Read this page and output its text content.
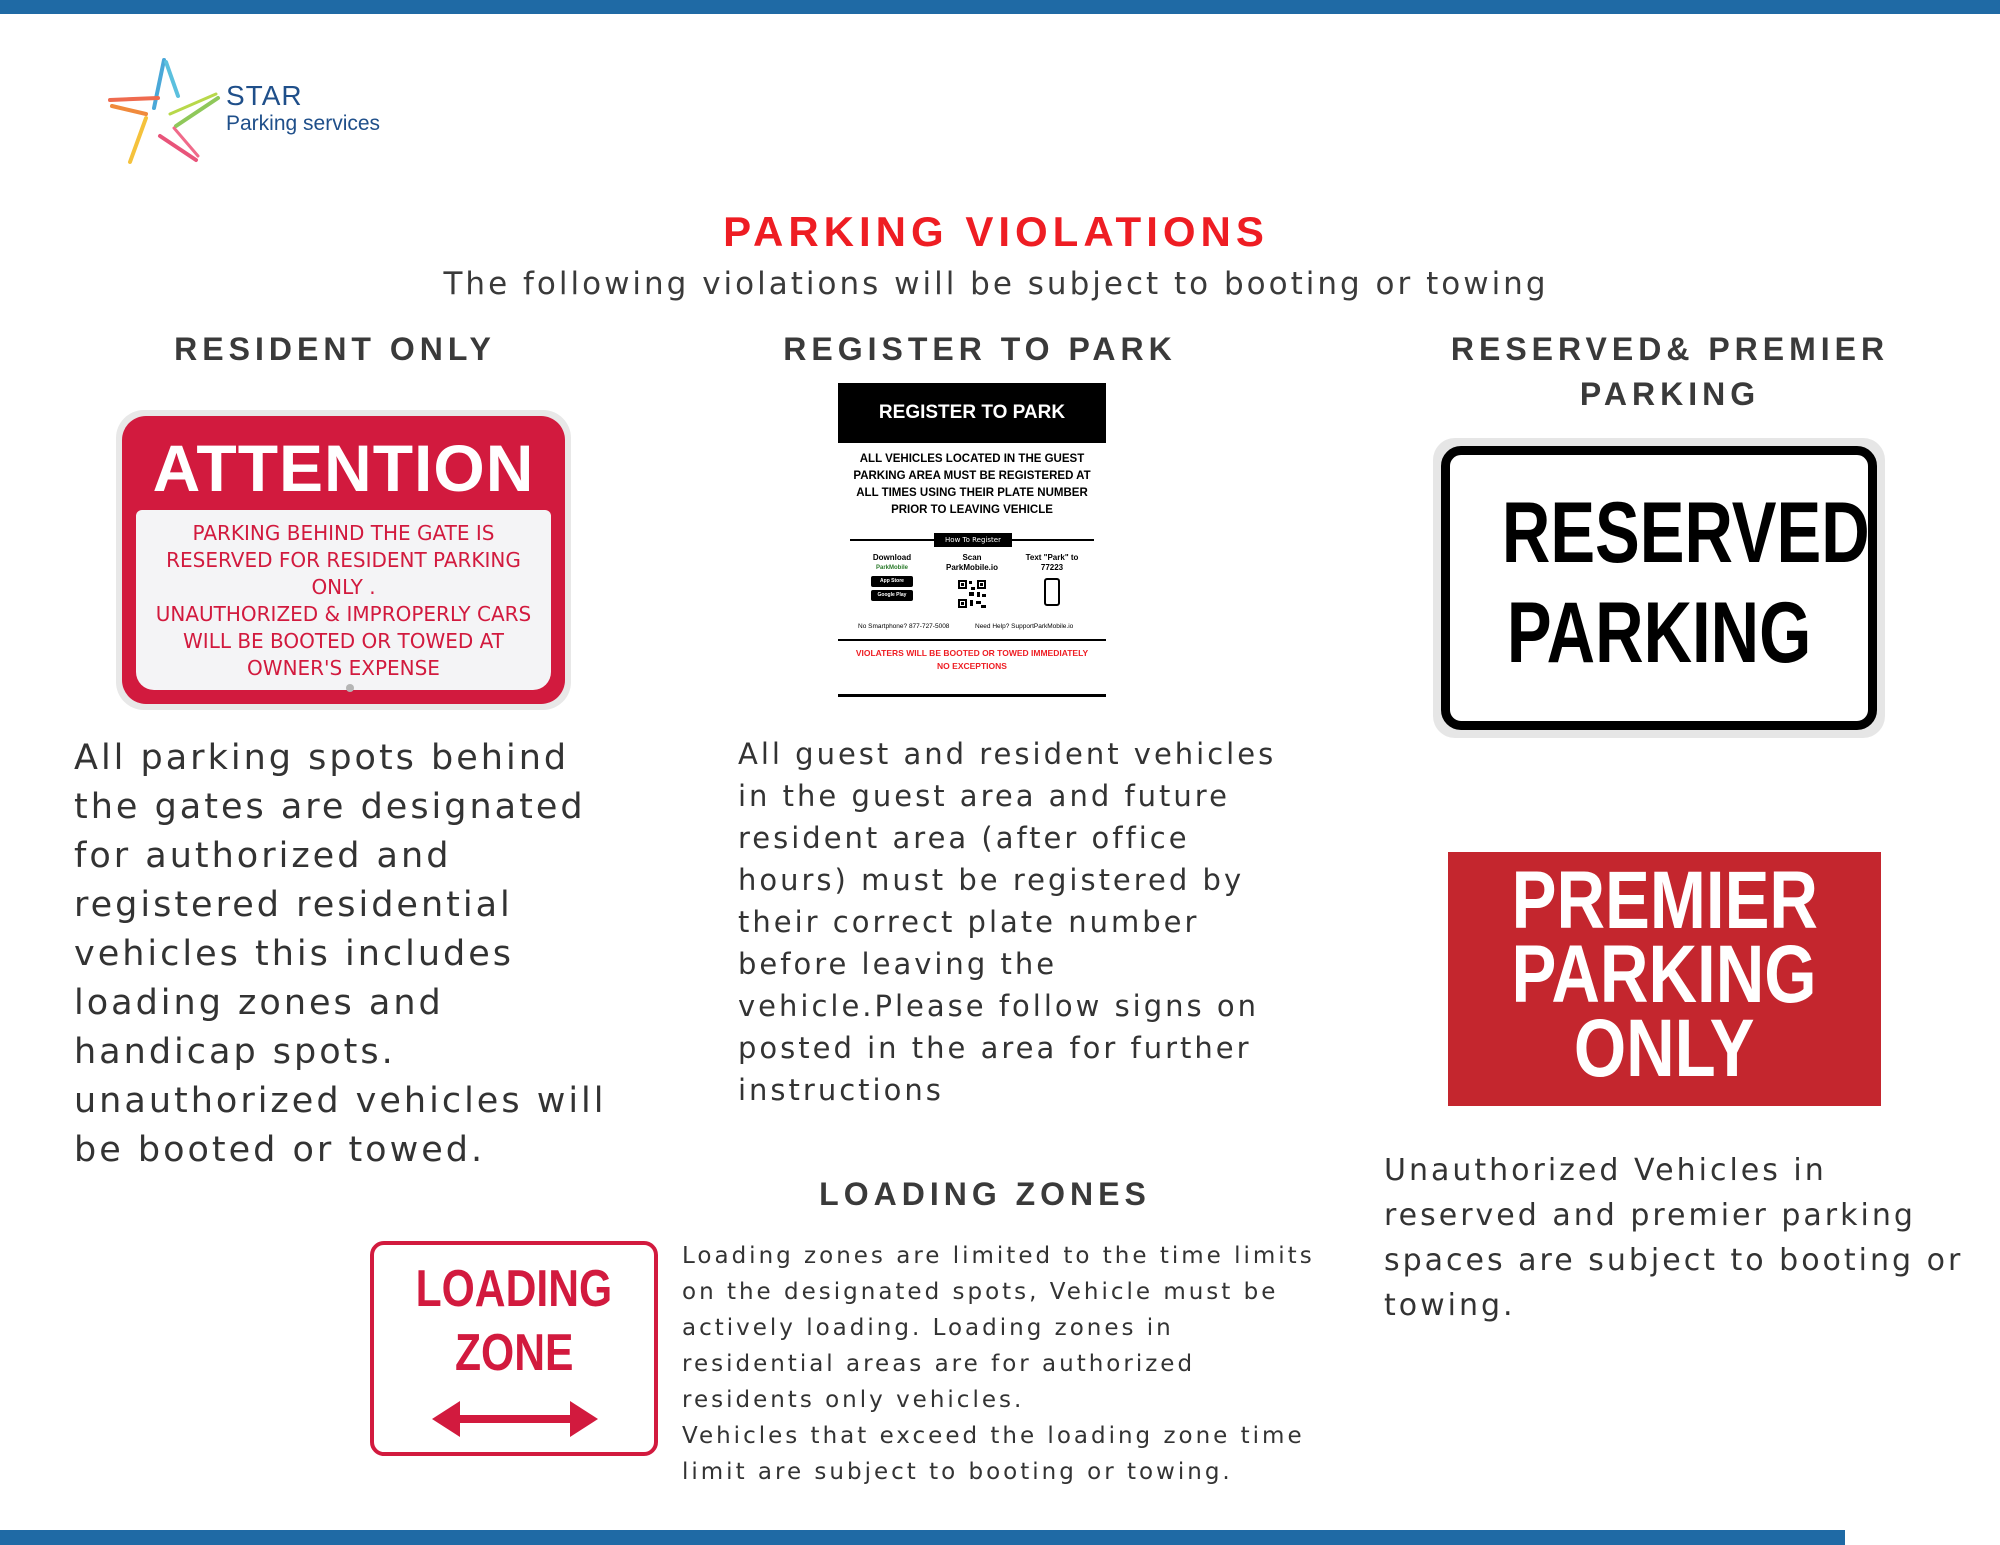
STAR
Parking services
PARKING VIOLATIONS
The following violations will be subject to booting or towing
RESIDENT ONLY	REGISTER TO PARK	RESERVED& PREMIER
PARKING
LOADING ZONES
ATTENTION
PARKING BEHIND THE GATE IS
RESERVED FOR RESIDENT PARKING
ONLY .
UNAUTHORIZED & IMPROPERLY CARS
WILL BE BOOTED OR TOWED AT
OWNER'S EXPENSE
REGISTER TO PARK
ALL VEHICLES LOCATED IN THE GUEST PARKING AREA MUST BE REGISTERED AT ALL TIMES USING THEIR PLATE NUMBER PRIOR TO LEAVING VEHICLE
How To Register
Download
ParkMobile
App Store
Google Play
Scan
ParkMobile.io
Text "Park" to
77223
No Smartphone? 877-727-5008	Need Help? SupportParkMobile.io
VIOLATERS WILL BE BOOTED OR TOWED IMMEDIATELY
NO EXCEPTIONS
RESERVED
PARKING
PREMIER
PARKING
ONLY
LOADING
ZONE
All parking spots behind the gates are designated for authorized and registered residential vehicles this includes loading zones and handicap spots. unauthorized vehicles will be booted or towed.
All guest and resident vehicles in the guest area and future resident area (after office hours) must be registered by their correct plate number before leaving the vehicle.Please follow signs on posted in the area for further instructions
Unauthorized Vehicles in reserved and premier parking spaces are subject to booting or towing.
Loading zones are limited to the time limits on the designated spots, Vehicle must be actively loading. Loading zones in residential areas are for authorized residents only vehicles.
Vehicles that exceed the loading zone time limit are subject to booting or towing.
